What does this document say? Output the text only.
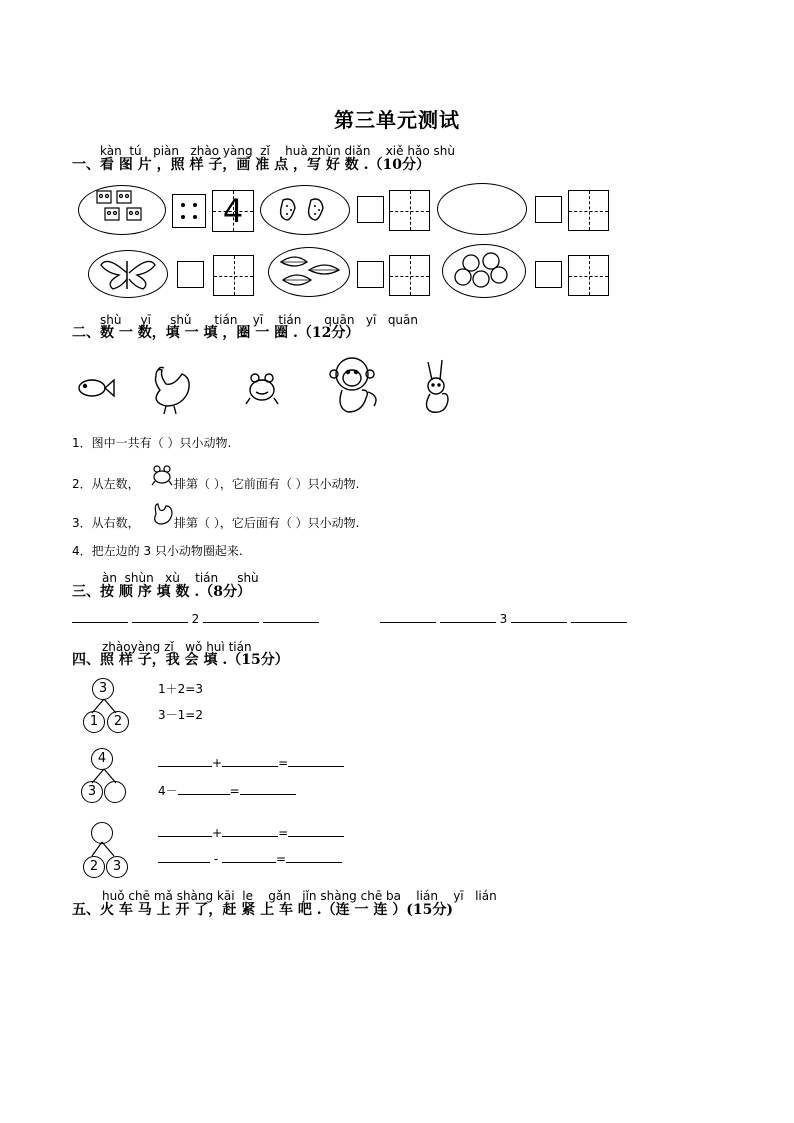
第三单元测试
kàn tú piàn zhào yàng zǐ huà zhǔn diǎn xiě hǎo shù
一、看 图 片 ，照 样 子，画 准 点 ，写 好 数 .（10分）
4
shù yī shǔ tián yī tián quān yī quān
二、数 一 数，填 一 填 ，圈 一 圈 .（12分）
1．图中一共有（ ）只小动物.
2．从左数，	排第（ ），它前面有（ ）只小动物.
3．从右数，	排第（ ），它后面有（ ）只小动物.
4．把左边的 3 只小动物圈起来.
àn shùn xù tián shù
三、按 顺 序 填 数 .（8分）
2	3
zhàoyàng zǐ wǒ huì tián
四、照 样 子，我 会 填 .（15分）
3
1	2
1＋2=3
3－1=2
4
3
+	=
4－	=
2	3
+	=
-	=
huǒ chē mǎ shàng kāi le gǎn jǐn shàng chē ba lián yī lián
五、火 车 马 上 开 了，赶 紧 上 车 吧 .（连 一 连 ）(15分)
